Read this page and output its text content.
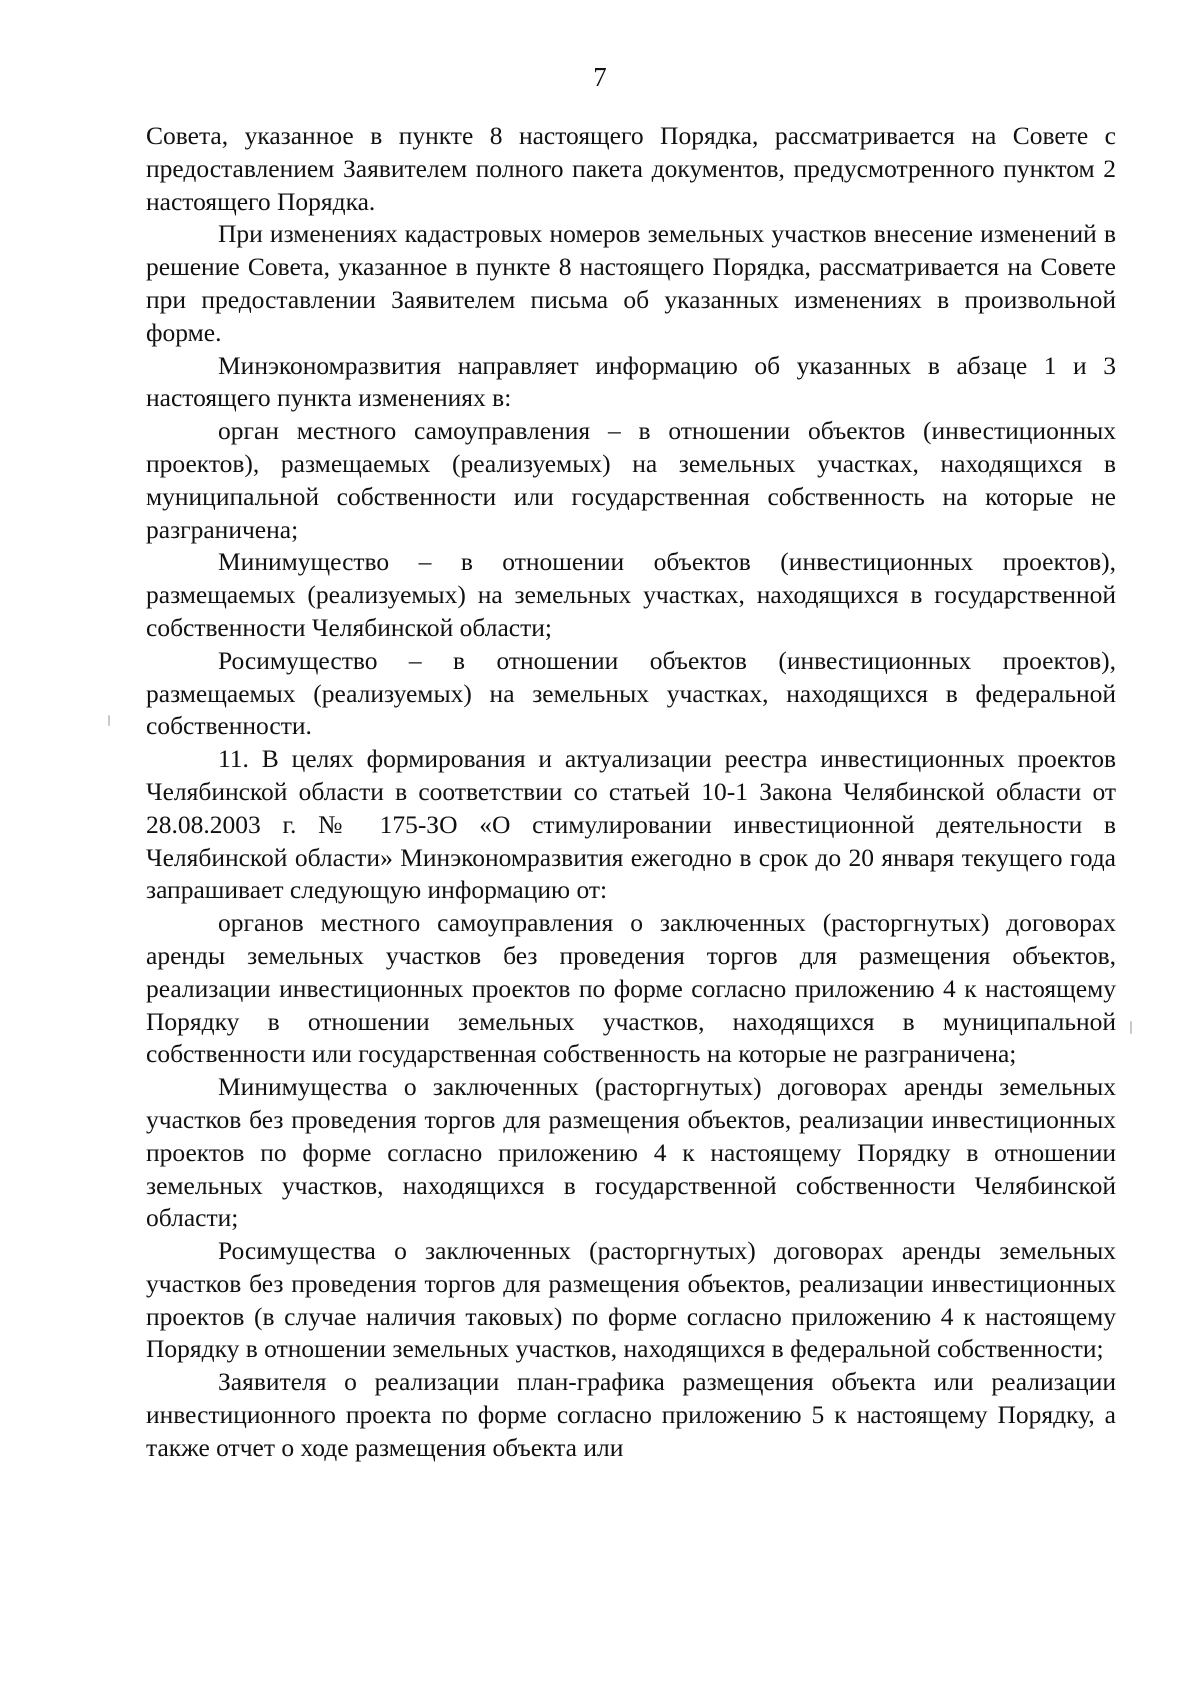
7

Совета, указанное в пункте 8 настоящего Порядка, рассматривается на Совете с предоставлением Заявителем полного пакета документов, предусмотренного пунктом 2 настоящего Порядка.

При изменениях кадастровых номеров земельных участков внесение изменений в решение Совета, указанное в пункте 8 настоящего Порядка, рассматривается на Совете при предоставлении Заявителем письма об указанных изменениях в произвольной форме.

Минэкономразвития направляет информацию об указанных в абзаце 1 и 3 настоящего пункта изменениях в:

орган местного самоуправления – в отношении объектов (инвестиционных проектов), размещаемых (реализуемых) на земельных участках, находящихся в муниципальной собственности или государственная собственность на которые не разграничена;

Минимущество – в отношении объектов (инвестиционных проектов), размещаемых (реализуемых) на земельных участках, находящихся в государственной собственности Челябинской области;

Росимущество – в отношении объектов (инвестиционных проектов), размещаемых (реализуемых) на земельных участках, находящихся в федеральной собственности.

11. В целях формирования и актуализации реестра инвестиционных проектов Челябинской области в соответствии со статьей 10-1 Закона Челябинской области от 28.08.2003 г. № 175-ЗО «О стимулировании инвестиционной деятельности в Челябинской области» Минэкономразвития ежегодно в срок до 20 января текущего года запрашивает следующую информацию от:

органов местного самоуправления о заключенных (расторгнутых) договорах аренды земельных участков без проведения торгов для размещения объектов, реализации инвестиционных проектов по форме согласно приложению 4 к настоящему Порядку в отношении земельных участков, находящихся в муниципальной собственности или государственная собственность на которые не разграничена;

Минимущества о заключенных (расторгнутых) договорах аренды земельных участков без проведения торгов для размещения объектов, реализации инвестиционных проектов по форме согласно приложению 4 к настоящему Порядку в отношении земельных участков, находящихся в государственной собственности Челябинской области;

Росимущества о заключенных (расторгнутых) договорах аренды земельных участков без проведения торгов для размещения объектов, реализации инвестиционных проектов (в случае наличия таковых) по форме согласно приложению 4 к настоящему Порядку в отношении земельных участков, находящихся в федеральной собственности;

Заявителя о реализации план-графика размещения объекта или реализации инвестиционного проекта по форме согласно приложению 5 к настоящему Порядку, а также отчет о ходе размещения объекта или
